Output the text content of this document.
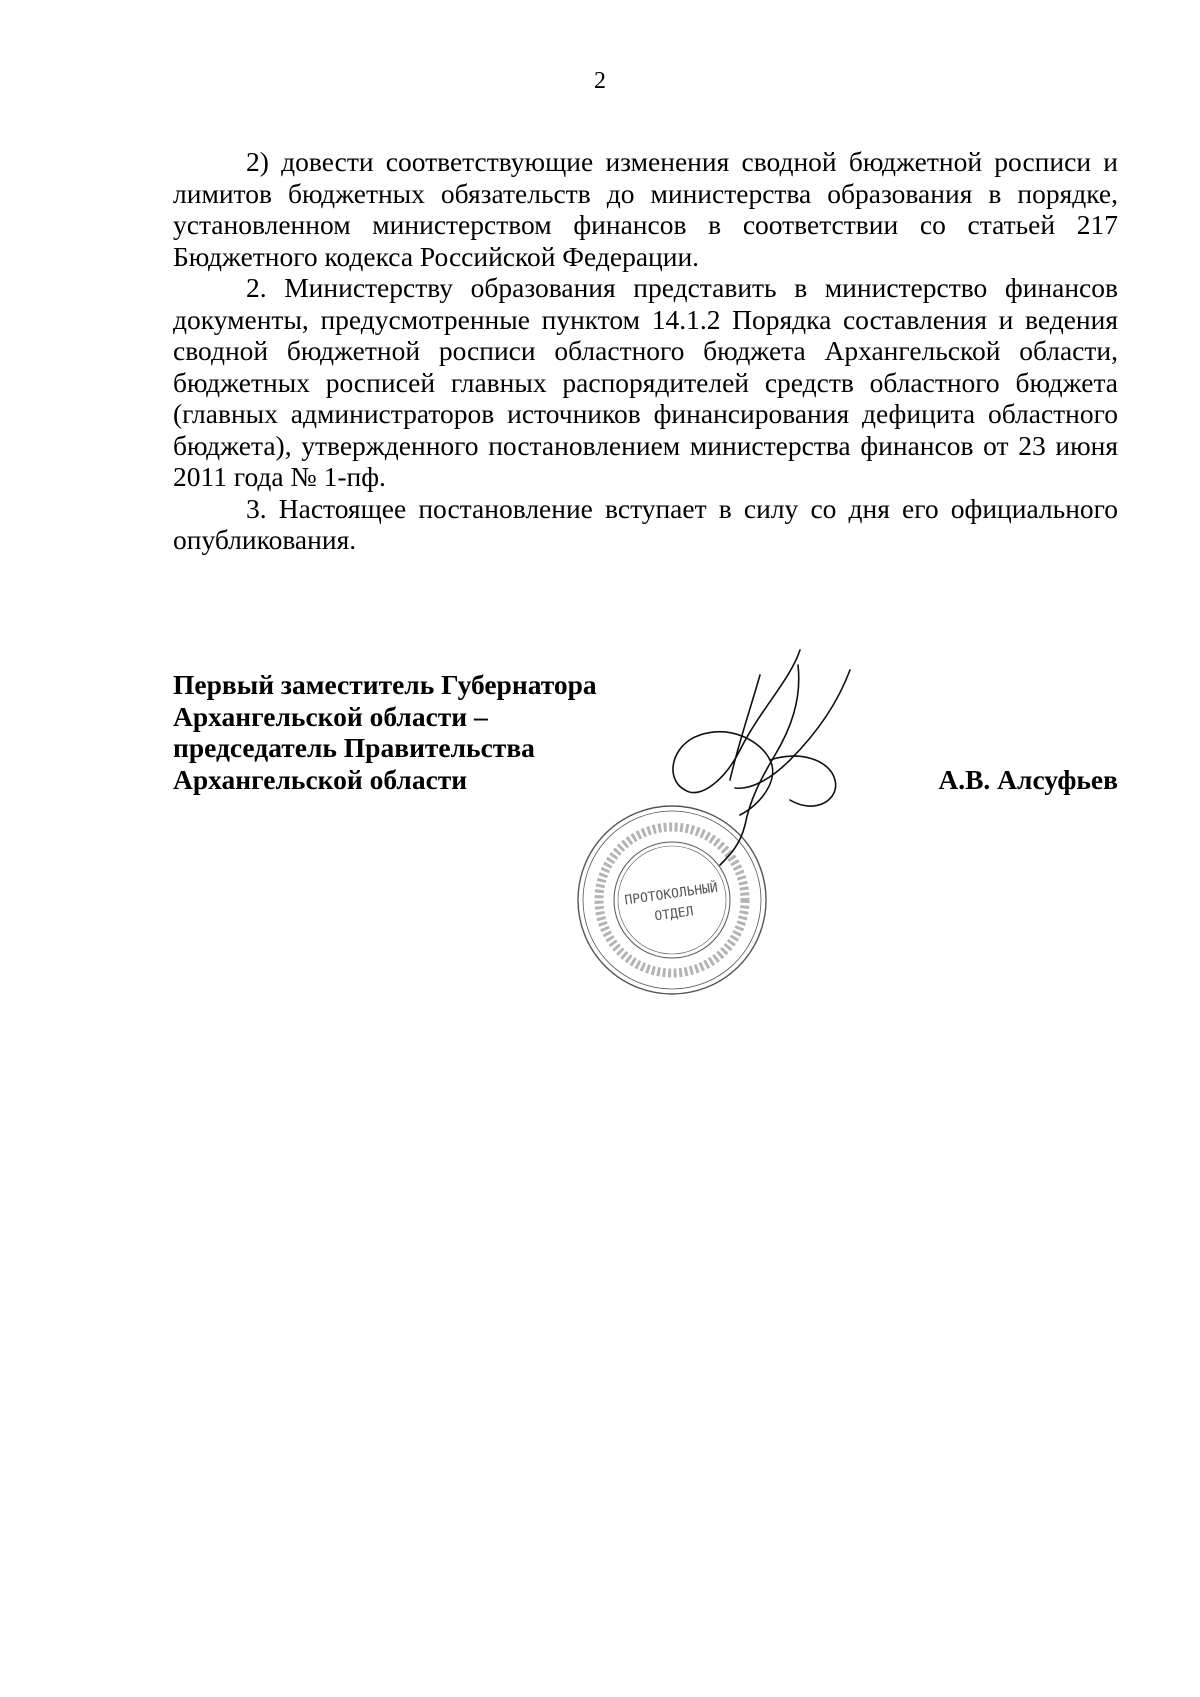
2

2) довести соответствующие изменения сводной бюджетной росписи и лимитов бюджетных обязательств до министерства образования в порядке, установленном министерством финансов в соответствии со статьей 217 Бюджетного кодекса Российской Федерации.

2. Министерству образования представить в министерство финансов документы, предусмотренные пунктом 14.1.2 Порядка составления и ведения сводной бюджетной росписи областного бюджета Архангельской области, бюджетных росписей главных распорядителей средств областного бюджета (главных администраторов источников финансирования дефицита областного бюджета), утвержденного постановлением министерства финансов от 23 июня 2011 года № 1-пф.

3. Настоящее постановление вступает в силу со дня его официального опубликования.

Первый заместитель Губернатора
Архангельской области –
председатель Правительства
Архангельской области	А.В. Алсуфьев
ПРОТОКОЛЬНЫЙ
ОТДЕЛ
